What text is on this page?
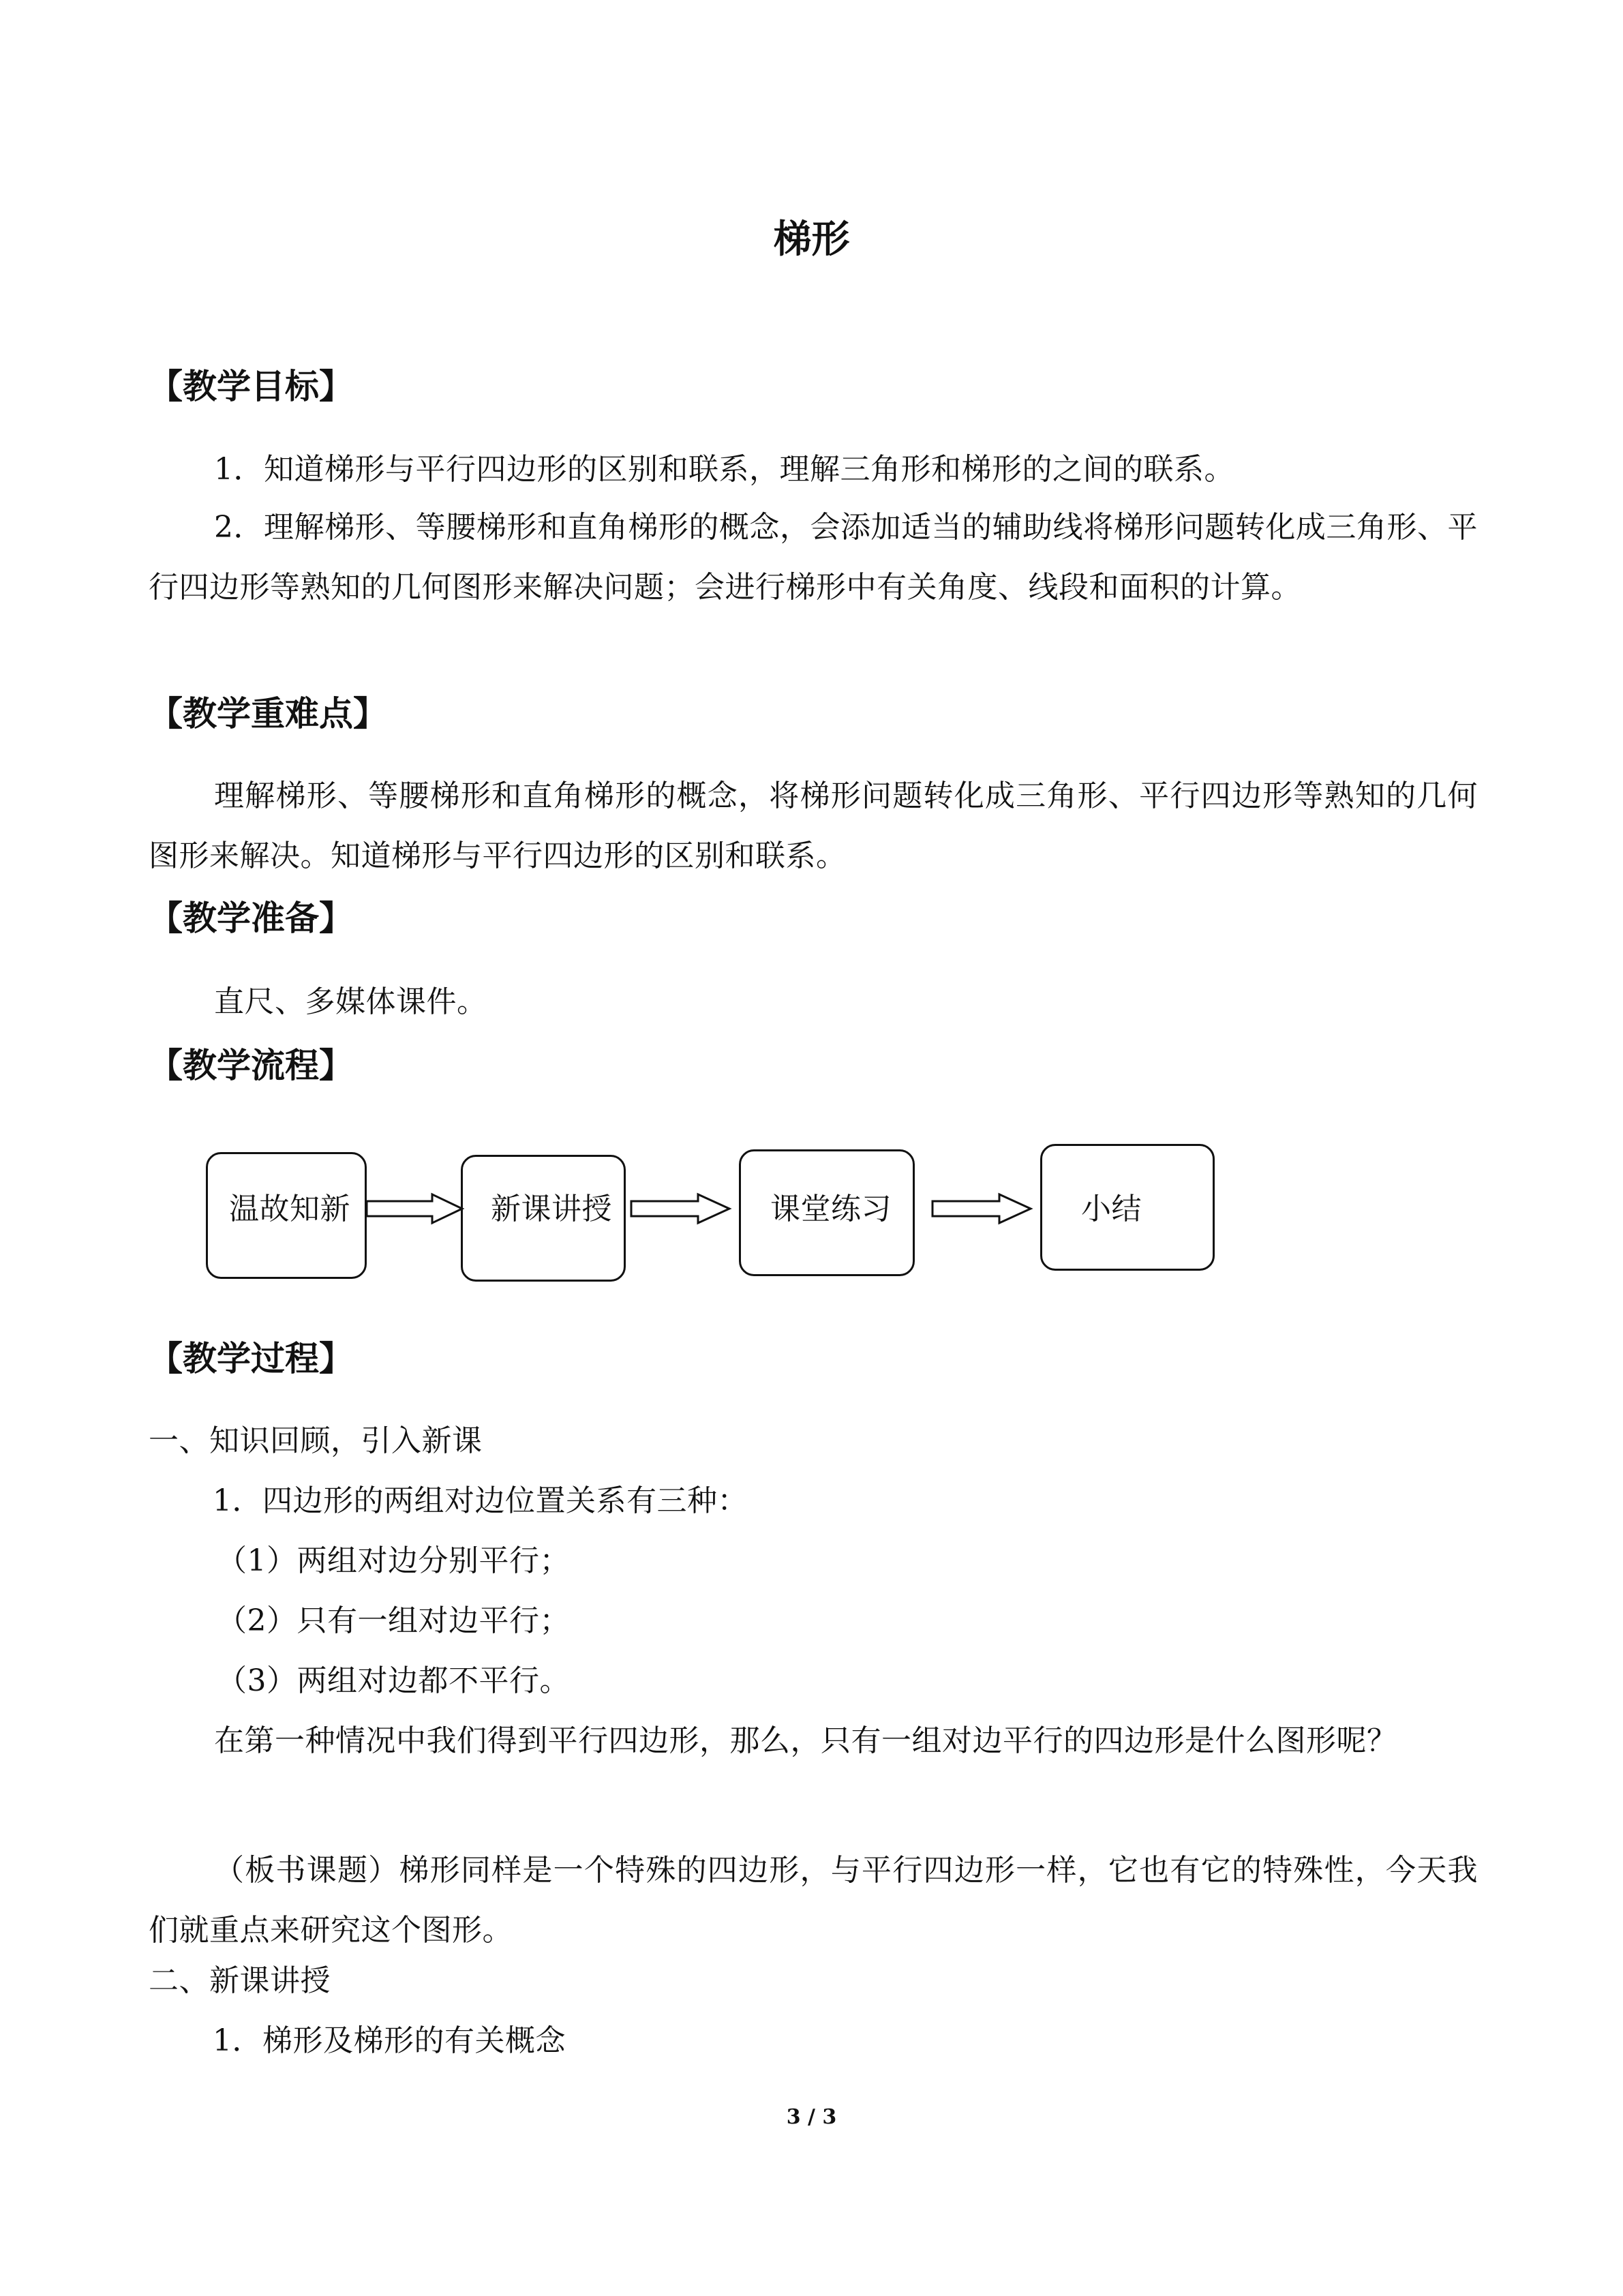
梯形
【教学目标】
1．知道梯形与平行四边形的区别和联系，理解三角形和梯形的之间的联系。
2．理解梯形、等腰梯形和直角梯形的概念，会添加适当的辅助线将梯形问题转化成三角形、平行四边形等熟知的几何图形来解决问题；会进行梯形中有关角度、线段和面积的计算。
【教学重难点】
理解梯形、等腰梯形和直角梯形的概念，将梯形问题转化成三角形、平行四边形等熟知的几何图形来解决。知道梯形与平行四边形的区别和联系。
【教学准备】
直尺、多媒体课件。
【教学流程】
温故知新	新课讲授	课堂练习	小结
【教学过程】
一、知识回顾，引入新课
1．四边形的两组对边位置关系有三种：
（1）两组对边分别平行；
（2）只有一组对边平行；
（3）两组对边都不平行。
在第一种情况中我们得到平行四边形，那么，只有一组对边平行的四边形是什么图形呢？
（板书课题）梯形同样是一个特殊的四边形，与平行四边形一样，它也有它的特殊性，今天我们就重点来研究这个图形。
二、新课讲授
1．梯形及梯形的有关概念
3 / 3
